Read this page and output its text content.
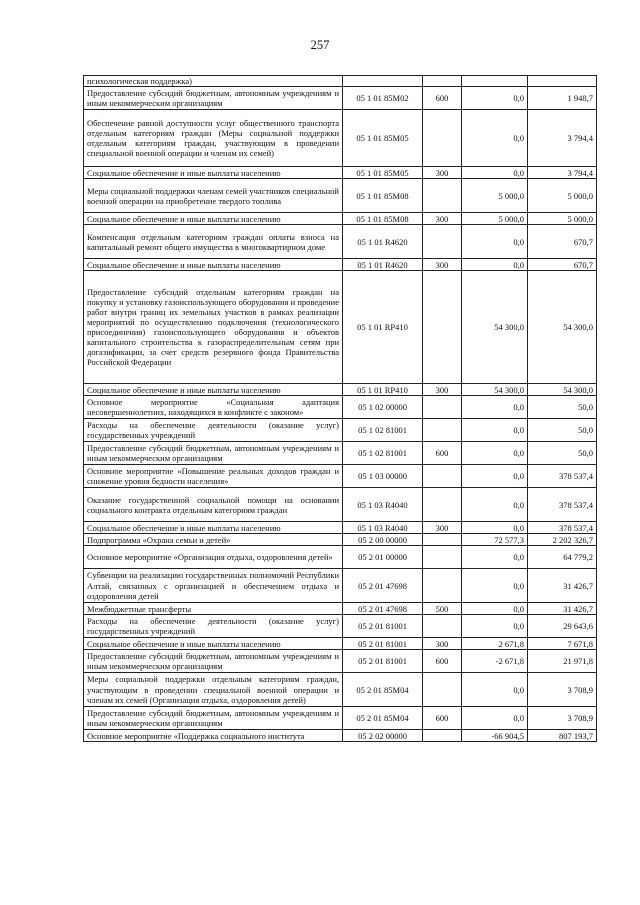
257
психологическая поддержка)				
Предоставление субсидий бюджетным, автономным учреждениям и иным некоммерческим организациям	05 1 01 85М02	600	0,0	1 948,7
Обеспечение равной доступности услуг общественного транспорта отдельным категориям граждан (Меры социальной поддержки отдельным категориям граждан, участвующим в проведении специальной военной операции и членам их семей)	05 1 01 85М05		0,0	3 794,4
Социальное обеспечение и иные выплаты населению	05 1 01 85М05	300	0,0	3 794,4
Меры социальной поддержки членам семей участников специальной военной операции на приобретение твердого топлива	05 1 01 85М08		5 000,0	5 000,0
Социальное обеспечение и иные выплаты населению	05 1 01 85М08	300	5 000,0	5 000,0
Компенсация отдельным категориям граждан оплаты взноса на капитальный ремонт общего имущества в многоквартирном доме	05 1 01 R4620		0,0	670,7
Социальное обеспечение и иные выплаты населению	05 1 01 R4620	300	0,0	670,7
Предоставление субсидий отдельным категориям граждан на покупку и установку газоиспользующего оборудования и проведение работ внутри границ их земельных участков в рамках реализации мероприятий по осуществлению подключения (технологического присоединения) газоиспользующего оборудования и объектов капитального строительства к газораспределительным сетям при догазификации, за счет средств резервного фонда Правительства Российской Федерации	05 1 01 RP410		54 300,0	54 300,0
Социальное обеспечение и иные выплаты населению	05 1 01 RP410	300	54 300,0	54 300,0
Основное мероприятие «Социальная адаптация несовершеннолетних, находящихся в конфликте с законом»	05 1 02 00000		0,0	50,0
Расходы на обеспечение деятельности (оказание услуг) государственных учреждений	05 1 02 81001		0,0	50,0
Предоставление субсидий бюджетным, автономным учреждениям и иным некоммерческим организациям	05 1 02 81001	600	0,0	50,0
Основное мероприятие «Повышение реальных доходов граждан и снижение уровня бедности населения»	05 1 03 00000		0,0	378 537,4
Оказание государственной социальной помощи на основании социального контракта отдельным категориям граждан	05 1 03 R4040		0,0	378 537,4
Социальное обеспечение и иные выплаты населению	05 1 03 R4040	300	0,0	378 537,4
Подпрограмма «Охрана семьи и детей»	05 2 00 00000		72 577,3	2 202 326,7
Основное мероприятие «Организация отдыха, оздоровления детей»	05 2 01 00000		0,0	64 779,2
Субвенции на реализацию государственных полномочий Республики Алтай, связанных с организацией и обеспечением отдыха и оздоровления детей	05 2 01 47698		0,0	31 426,7
Межбюджетные трансферты	05 2 01 47698	500	0,0	31 426,7
Расходы на обеспечение деятельности (оказание услуг) государственных учреждений	05 2 01 81001		0,0	29 643,6
Социальное обеспечение и иные выплаты населению	05 2 01 81001	300	2 671,8	7 671,8
Предоставление субсидий бюджетным, автономным учреждениям и иным некоммерческим организациям	05 2 01 81001	600	-2 671,8	21 971,8
Меры социальной поддержки отдельным категориям граждан, участвующим в проведении специальной военной операции и членам их семей (Организация отдыха, оздоровления детей)	05 2 01 85М04		0,0	3 708,9
Предоставление субсидий бюджетным, автономным учреждениям и иным некоммерческим организациям	05 2 01 85М04	600	0,0	3 708,9
Основное мероприятие «Поддержка социального института	05 2 02 00000		-66 904,5	807 193,7
